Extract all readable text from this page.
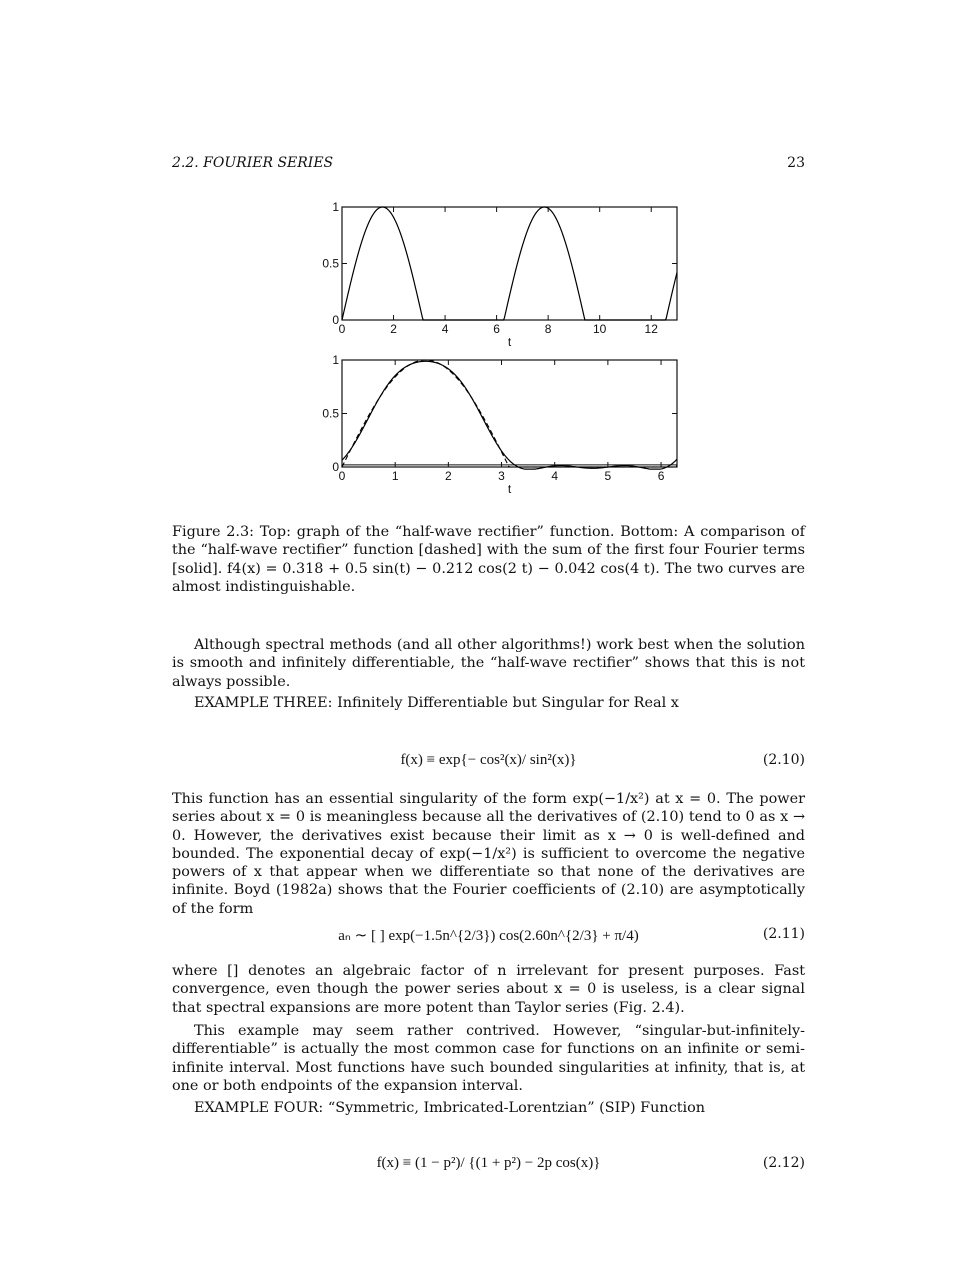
2.2. FOURIER SERIES	23
0	2	4	6	8	10	12
0
0.5
1
t
0	1	2	3	4	5	6
0
0.5
1
t

Figure 2.3: Top: graph of the “half-wave rectifier” function. Bottom: A comparison of the “half-wave rectifier” function [dashed] with the sum of the first four Fourier terms [solid]. f4(x) = 0.318 + 0.5 sin(t) − 0.212 cos(2 t) − 0.042 cos(4 t). The two curves are almost indistinguishable.

Although spectral methods (and all other algorithms!) work best when the solution is smooth and infinitely differentiable, the “half-wave rectifier” shows that this is not always possible.

EXAMPLE THREE: Infinitely Differentiable but Singular for Real x

f(x) ≡ exp{− cos²(x)/ sin²(x)}	(2.10)

This function has an essential singularity of the form exp(−1/x²) at x = 0. The power series about x = 0 is meaningless because all the derivatives of (2.10) tend to 0 as x → 0. However, the derivatives exist because their limit as x → 0 is well-defined and bounded. The exponential decay of exp(−1/x²) is sufficient to overcome the negative powers of x that appear when we differentiate so that none of the derivatives are infinite. Boyd (1982a) shows that the Fourier coefficients of (2.10) are asymptotically of the form

aₙ ∼ [ ] exp(−1.5n^{2/3}) cos(2.60n^{2/3} + π/4)	(2.11)

where [] denotes an algebraic factor of n irrelevant for present purposes. Fast convergence, even though the power series about x = 0 is useless, is a clear signal that spectral expansions are more potent than Taylor series (Fig. 2.4).

This example may seem rather contrived. However, “singular-but-infinitely-differentiable” is actually the most common case for functions on an infinite or semi-infinite interval. Most functions have such bounded singularities at infinity, that is, at one or both endpoints of the expansion interval.

EXAMPLE FOUR: “Symmetric, Imbricated-Lorentzian” (SIP) Function

f(x) ≡ (1 − p²)/ {(1 + p²) − 2p cos(x)}	(2.12)
